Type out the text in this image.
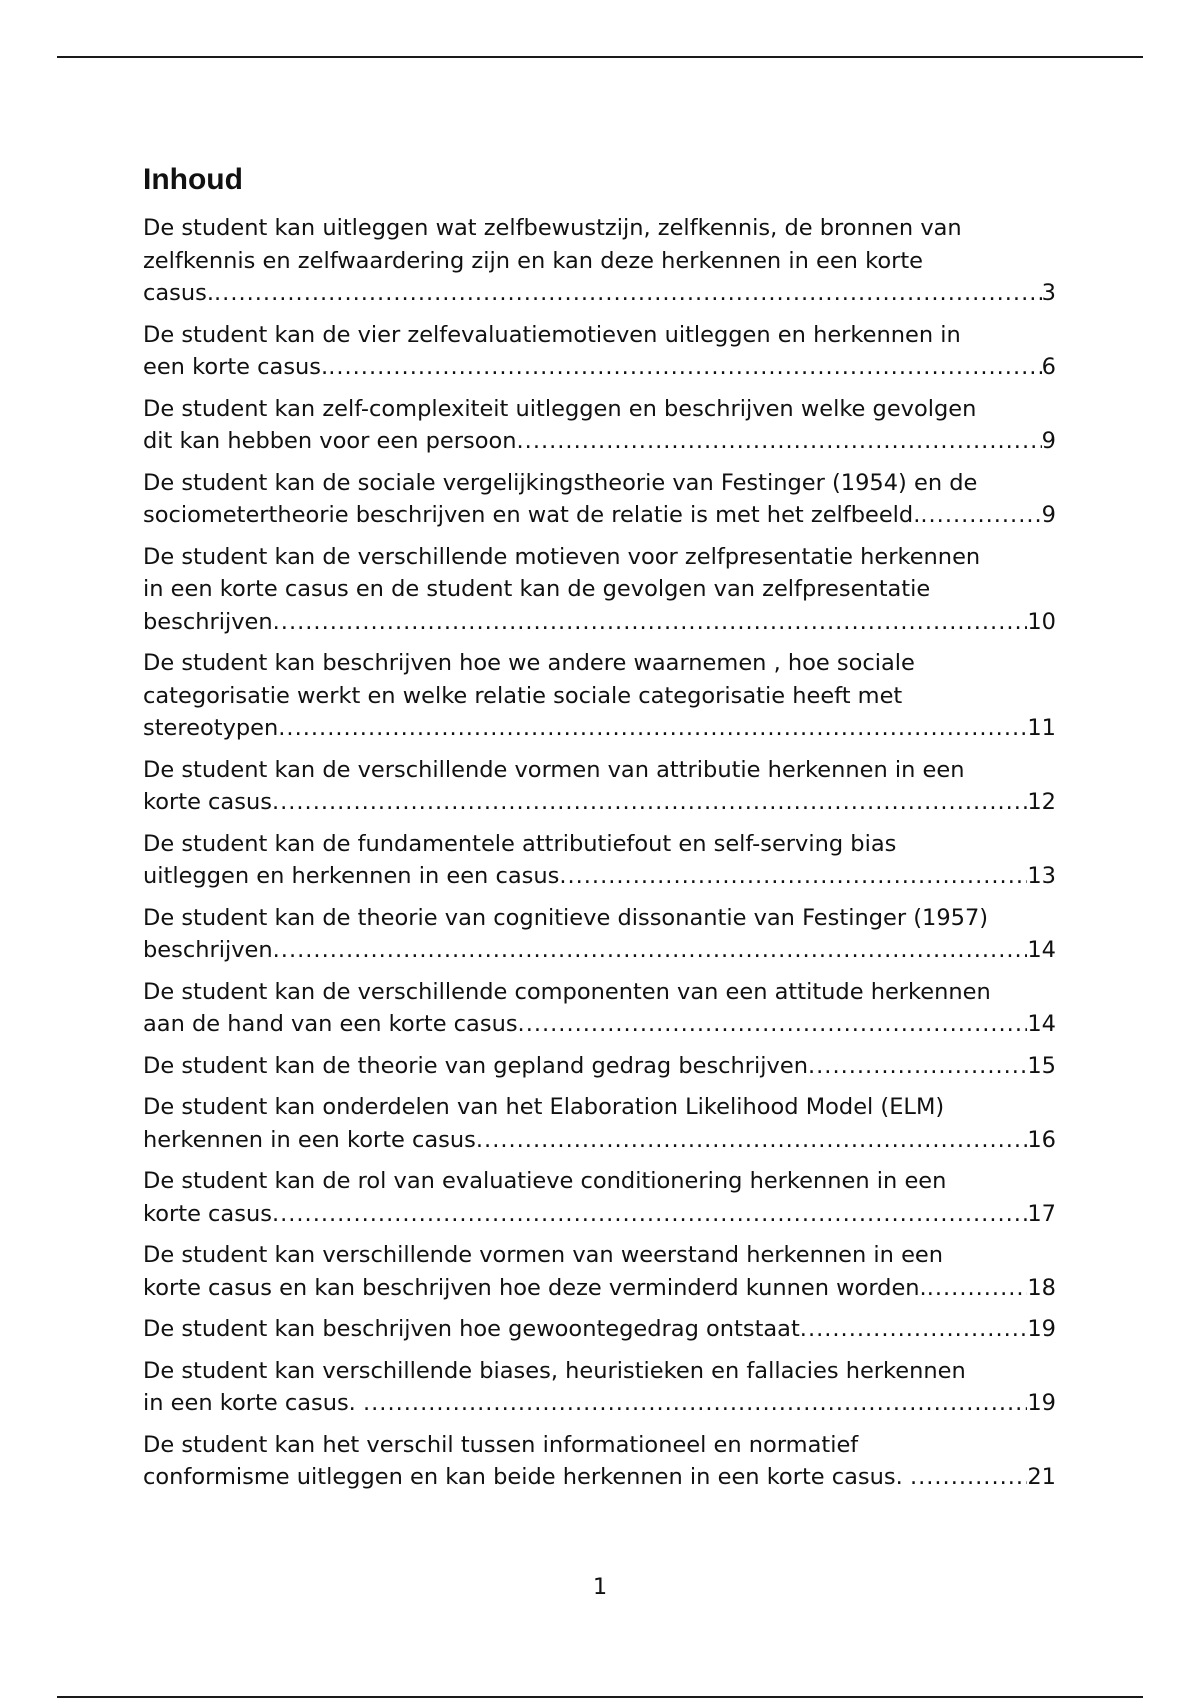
Inhoud
De student kan uitleggen wat zelfbewustzijn, zelfkennis, de bronnen van
zelfkennis en zelfwaardering zijn en kan deze herkennen in een korte
casus. .....	3
De student kan de vier zelfevaluatiemotieven uitleggen en herkennen in
een korte casus. .....	6
De student kan zelf-complexiteit uitleggen en beschrijven welke gevolgen
dit kan hebben voor een persoon .....	9
De student kan de sociale vergelijkingstheorie van Festinger (1954) en de
sociometertheorie beschrijven en wat de relatie is met het zelfbeeld. .....	9
De student kan de verschillende motieven voor zelfpresentatie herkennen
in een korte casus en de student kan de gevolgen van zelfpresentatie
beschrijven .....	10
De student kan beschrijven hoe we andere waarnemen , hoe sociale
categorisatie werkt en welke relatie sociale categorisatie heeft met
stereotypen .....	11
De student kan de verschillende vormen van attributie herkennen in een
korte casus .....	12
De student kan de fundamentele attributiefout en self-serving bias
uitleggen en herkennen in een casus .....	13
De student kan de theorie van cognitieve dissonantie van Festinger (1957)
beschrijven .....	14
De student kan de verschillende componenten van een attitude herkennen
aan de hand van een korte casus .....	14
De student kan de theorie van gepland gedrag beschrijven .....	15
De student kan onderdelen van het Elaboration Likelihood Model (ELM)
herkennen in een korte casus .....	16
De student kan de rol van evaluatieve conditionering herkennen in een
korte casus .....	17
De student kan verschillende vormen van weerstand herkennen in een
korte casus en kan beschrijven hoe deze verminderd kunnen worden. .....	18
De student kan beschrijven hoe gewoontegedrag ontstaat .....	19
De student kan verschillende biases, heuristieken en fallacies herkennen
in een korte casus. .....	19
De student kan het verschil tussen informationeel en normatief
conformisme uitleggen en kan beide herkennen in een korte casus. .....	21
1
